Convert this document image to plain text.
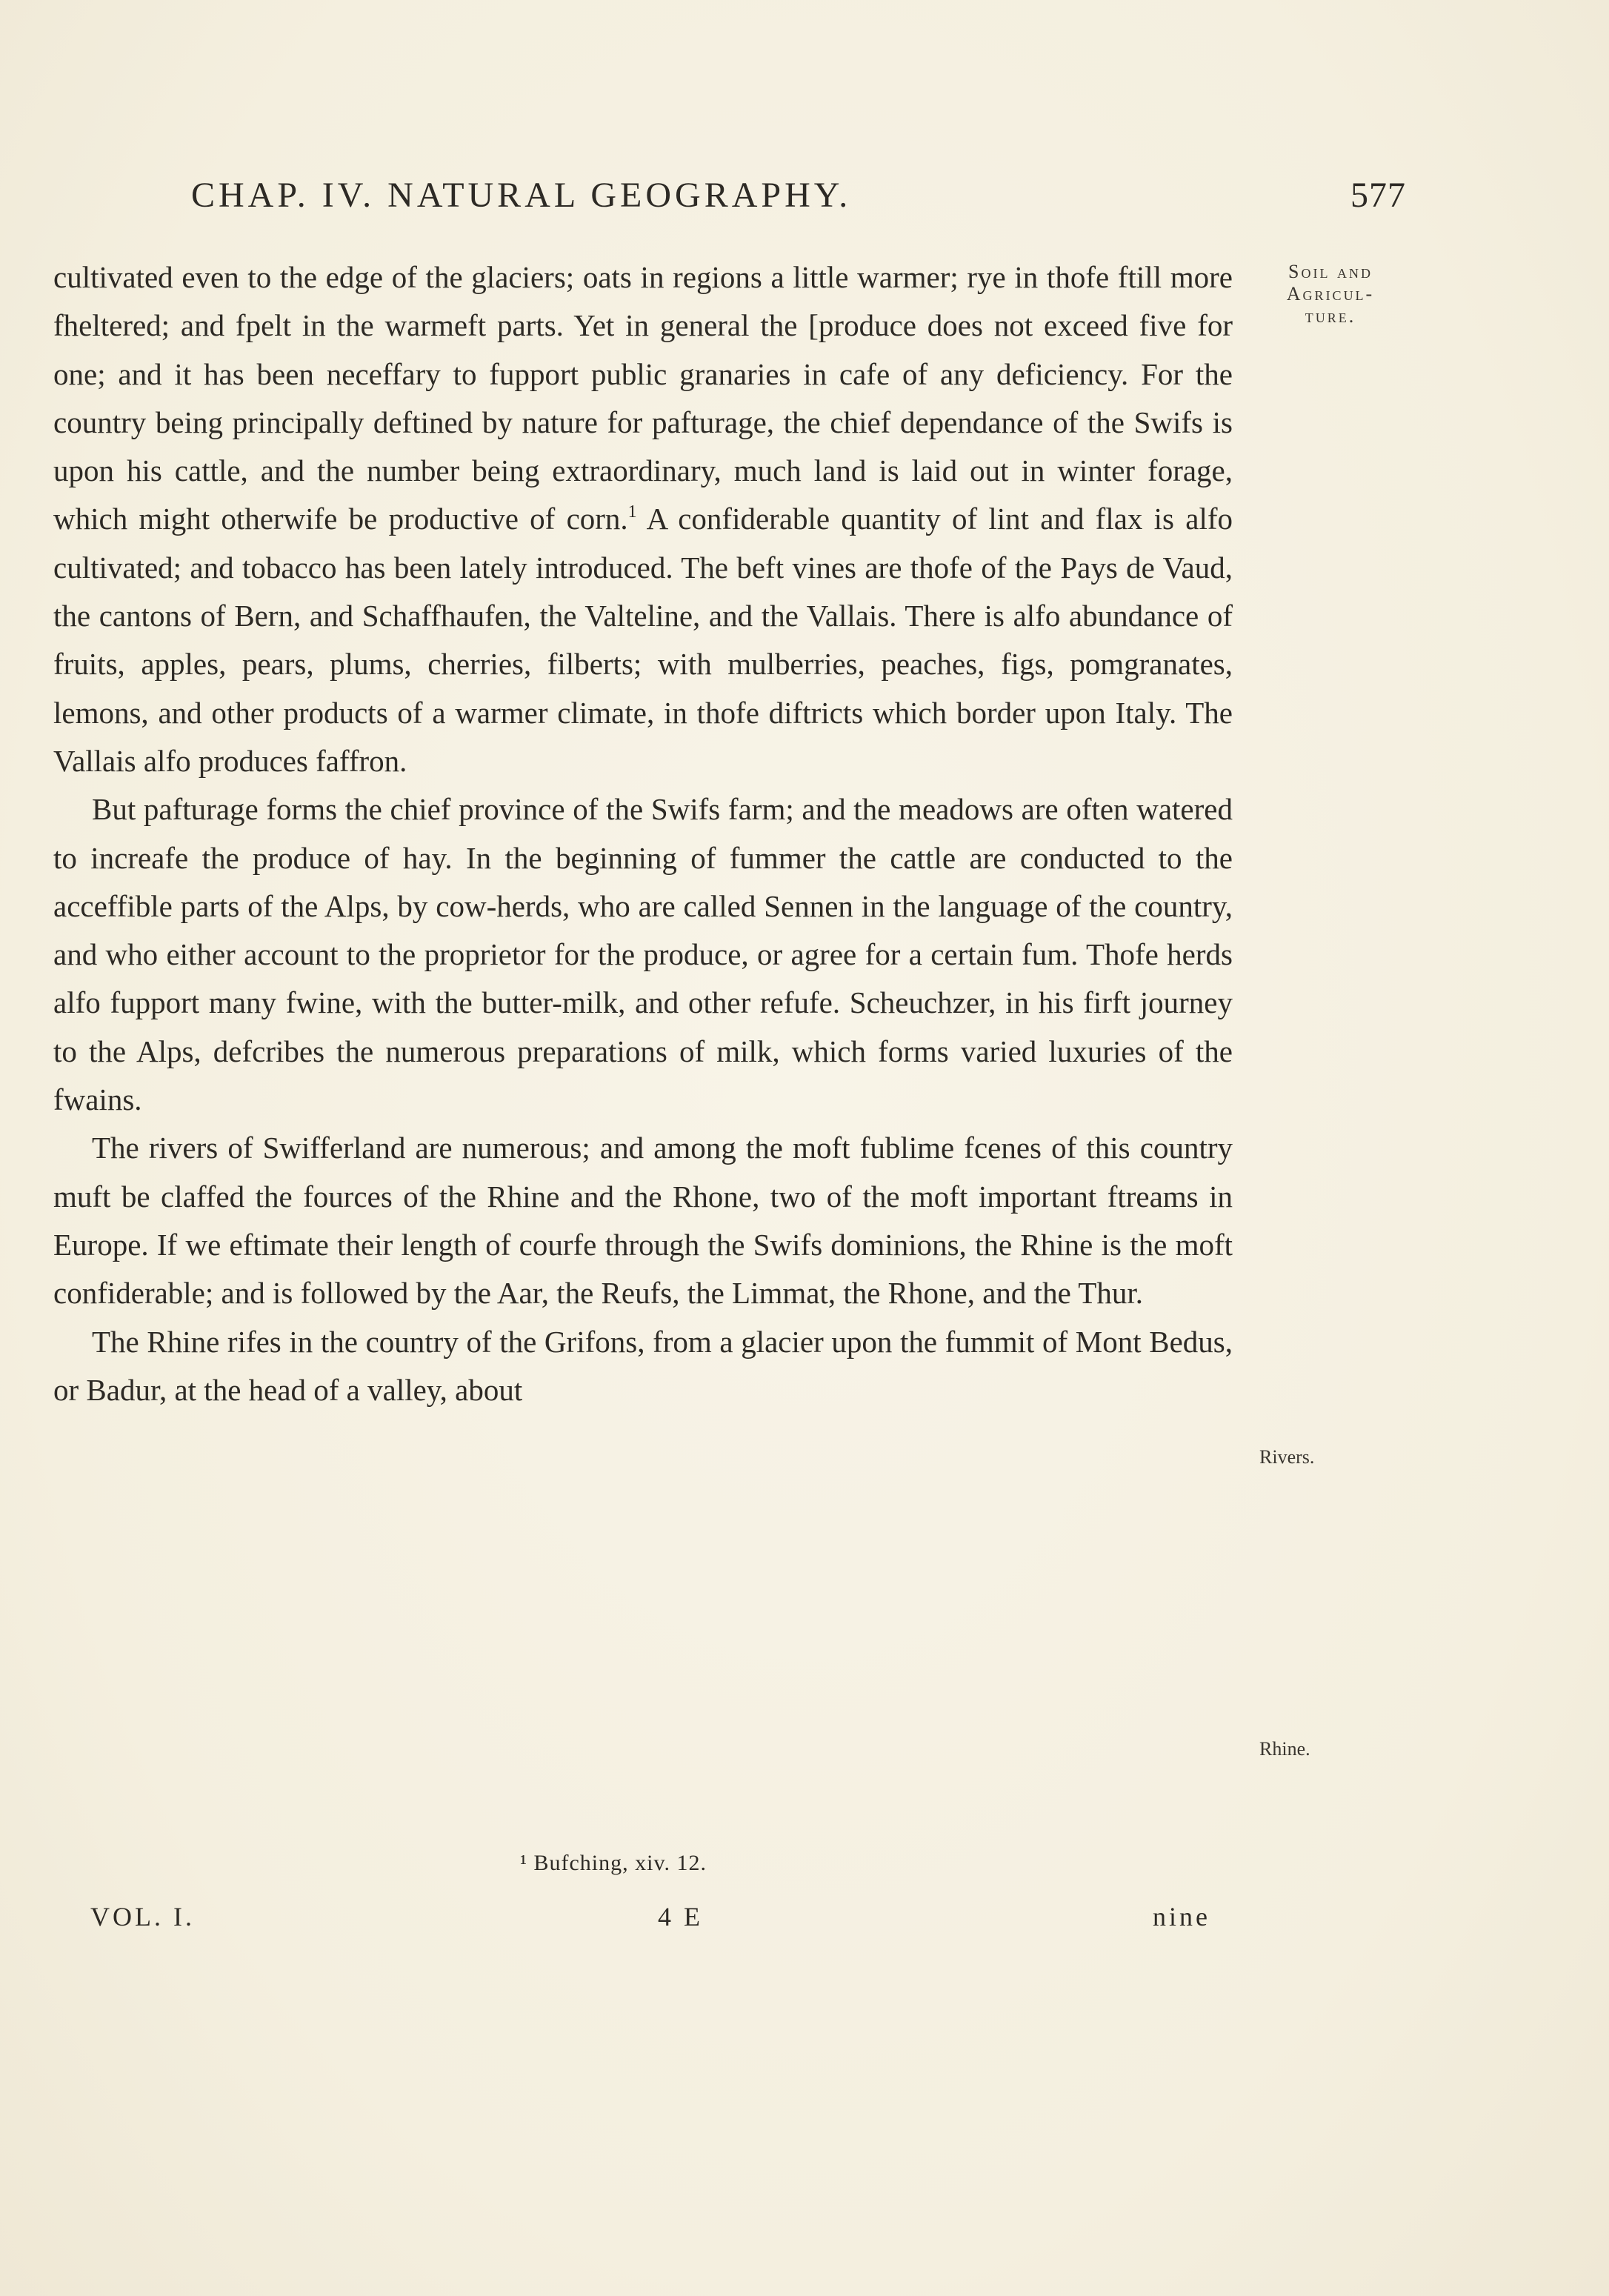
CHAP. IV. NATURAL GEOGRAPHY.	577

cultivated even to the edge of the glaciers; oats in regions a little warmer; rye in thofe ftill more fheltered; and fpelt in the warmeft parts. Yet in general the [produce does not exceed five for one; and it has been neceffary to fupport public granaries in cafe of any deficiency. For the country being principally deftined by nature for pafturage, the chief dependance of the Swifs is upon his cattle, and the number being extraordinary, much land is laid out in winter forage, which might otherwife be productive of corn.$^1$ A confiderable quantity of lint and flax is alfo cultivated; and tobacco has been lately introduced. The beft vines are thofe of the Pays de Vaud, the cantons of Bern, and Schaffhaufen, the Valteline, and the Vallais. There is alfo abundance of fruits, apples, pears, plums, cherries, filberts; with mulberries, peaches, figs, pomgranates, lemons, and other products of a warmer climate, in thofe diftricts which border upon Italy. The Vallais alfo produces faffron.

But pafturage forms the chief province of the Swifs farm; and the meadows are often watered to increafe the produce of hay. In the beginning of fummer the cattle are conducted to the acceffible parts of the Alps, by cow-herds, who are called Sennen in the language of the country, and who either account to the proprietor for the produce, or agree for a certain fum. Thofe herds alfo fupport many fwine, with the butter-milk, and other refufe. Scheuchzer, in his firft journey to the Alps, defcribes the numerous preparations of milk, which forms varied luxuries of the fwains.

The rivers of Swifferland are numerous; and among the moft fublime fcenes of this country muft be claffed the fources of the Rhine and the Rhone, two of the moft important ftreams in Europe. If we eftimate their length of courfe through the Swifs dominions, the Rhine is the moft confiderable; and is followed by the Aar, the Reufs, the Limmat, the Rhone, and the Thur.

The Rhine rifes in the country of the Grifons, from a glacier upon the fummit of Mont Bedus, or Badur, at the head of a valley, about

Soil and
Agricul-
ture.
Rivers.
Rhine.
¹ Bufching, xiv. 12.
VOL. I.	4 E	nine
